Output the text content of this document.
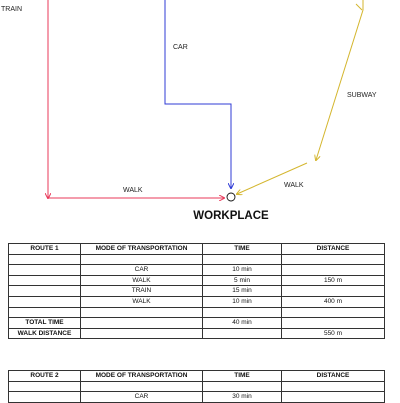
TRAIN
CAR
SUBWAY
WALK
WALK
WORKPLACE
ROUTE 1	MODE OF TRANSPORTATION	TIME	DISTANCE

	CAR	10 min	
	WALK	5 min	150 m
	TRAIN	15 min	
	WALK	10 min	400 m

TOTAL TIME		40 min	
WALK DISTANCE			550 m
ROUTE 2	MODE OF TRANSPORTATION	TIME	DISTANCE

	CAR	30 min	
